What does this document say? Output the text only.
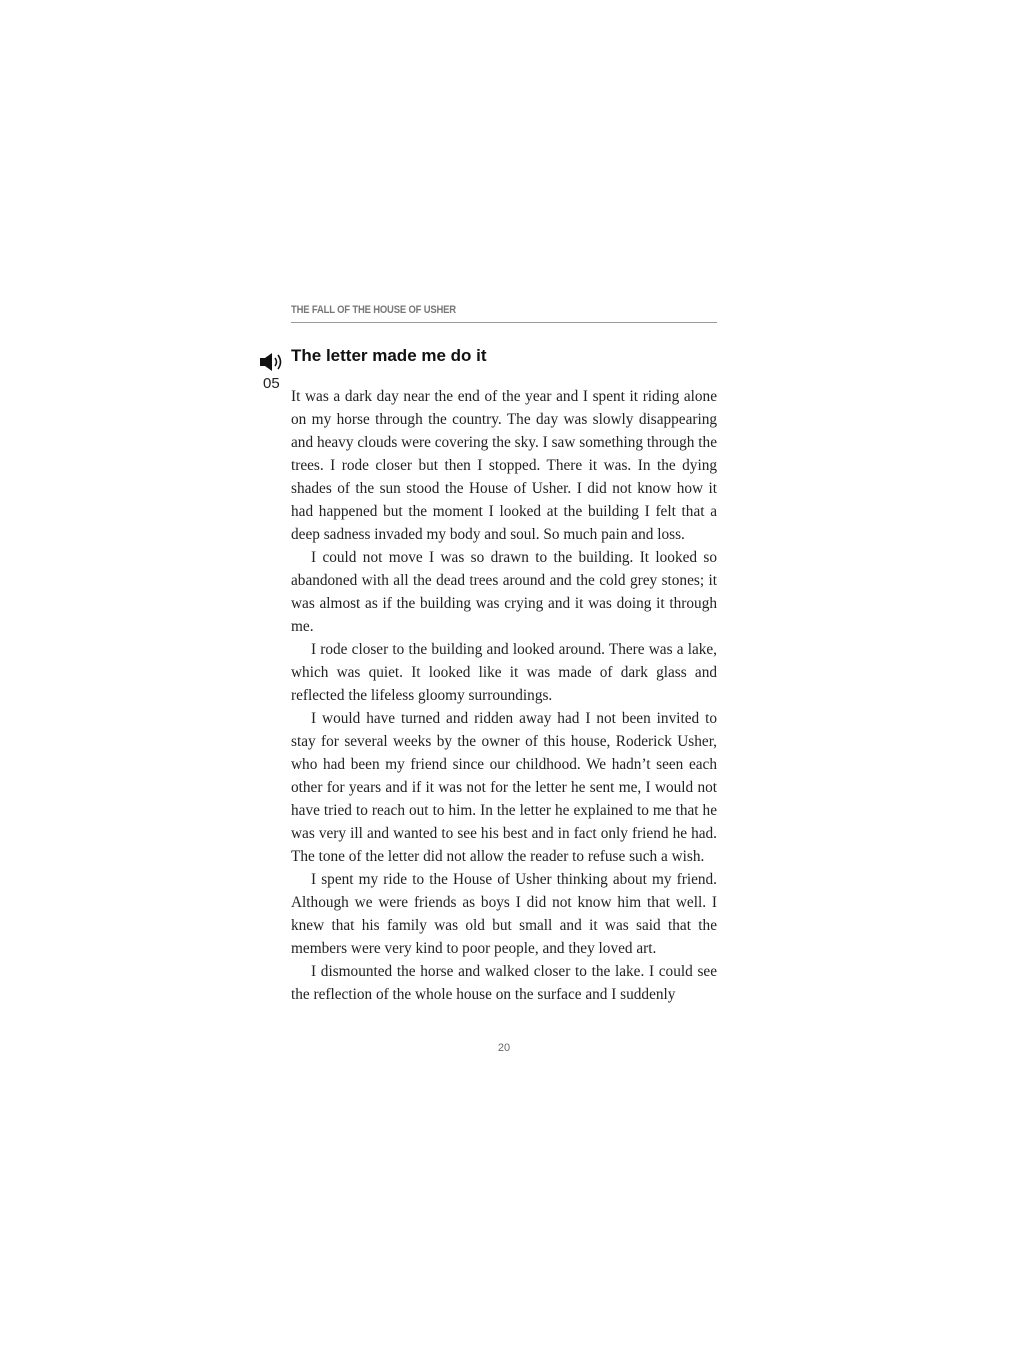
THE FALL OF THE HOUSE OF USHER
05
The letter made me do it

It was a dark day near the end of the year and I spent it riding alone on my horse through the country. The day was slowly disappearing and heavy clouds were covering the sky. I saw something through the trees. I rode closer but then I stopped. There it was. In the dying shades of the sun stood the House of Usher. I did not know how it had happened but the moment I looked at the building I felt that a deep sadness invaded my body and soul. So much pain and loss.

I could not move I was so drawn to the building. It looked so abandoned with all the dead trees around and the cold grey stones; it was almost as if the building was crying and it was doing it through me.

I rode closer to the building and looked around. There was a lake, which was quiet. It looked like it was made of dark glass and reflected the lifeless gloomy surroundings.

I would have turned and ridden away had I not been invited to stay for several weeks by the owner of this house, Roderick Usher, who had been my friend since our childhood. We hadn’t seen each other for years and if it was not for the letter he sent me, I would not have tried to reach out to him. In the letter he explained to me that he was very ill and wanted to see his best and in fact only friend he had. The tone of the letter did not allow the reader to refuse such a wish.

I spent my ride to the House of Usher thinking about my friend. Although we were friends as boys I did not know him that well. I knew that his family was old but small and it was said that the members were very kind to poor people, and they loved art.

I dismounted the horse and walked closer to the lake. I could see the reflection of the whole house on the surface and I suddenly

20
